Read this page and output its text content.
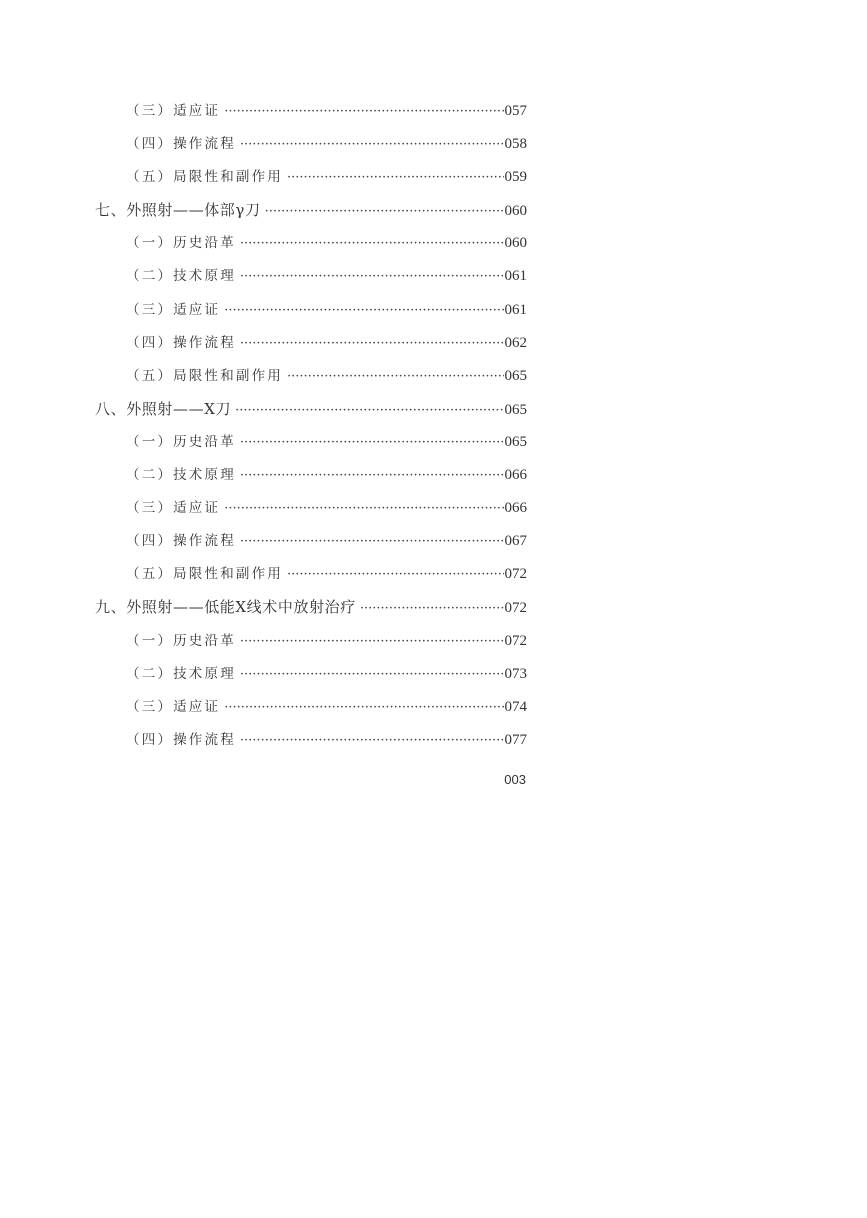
（三）适应证 ·····	057
（四）操作流程 ·····	058
（五）局限性和副作用 ·····	059
七、外照射——体部γ刀 ·····	060
（一）历史沿革 ·····	060
（二）技术原理 ·····	061
（三）适应证 ·····	061
（四）操作流程 ·····	062
（五）局限性和副作用 ·····	065
八、外照射——X刀 ·····	065
（一）历史沿革 ·····	065
（二）技术原理 ·····	066
（三）适应证 ·····	066
（四）操作流程 ·····	067
（五）局限性和副作用 ·····	072
九、外照射——低能X线术中放射治疗 ·····	072
（一）历史沿革 ·····	072
（二）技术原理 ·····	073
（三）适应证 ·····	074
（四）操作流程 ·····	077
003
